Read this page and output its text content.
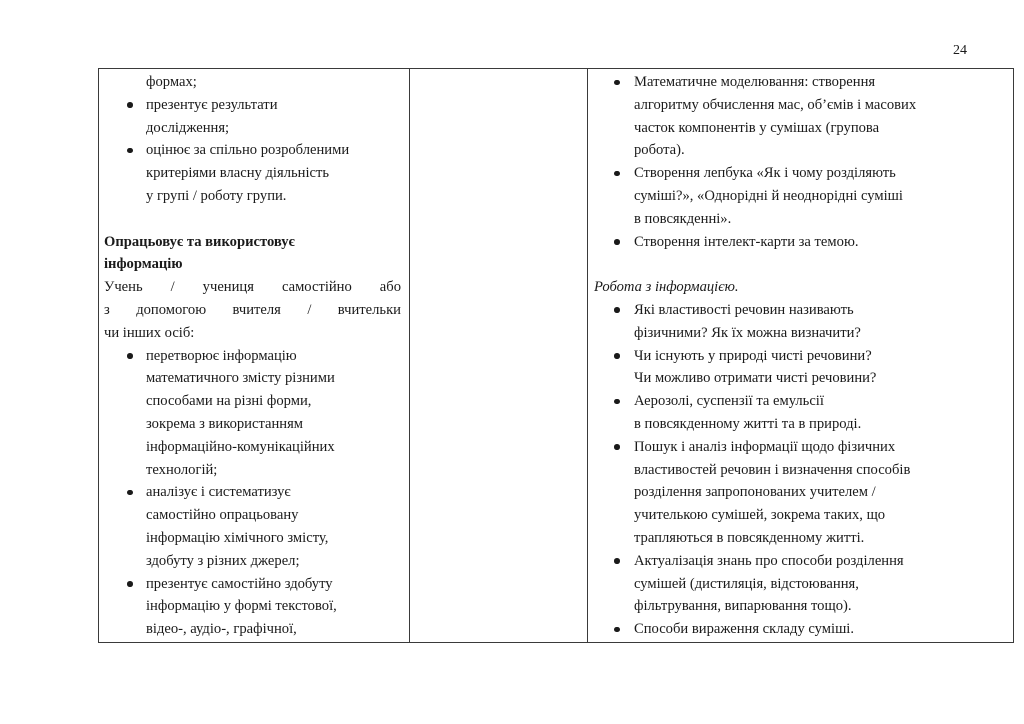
24
формах;
презентує результати
дослідження;
оцінює за спільно розробленими
критеріями власну діяльність
у групі / роботу групи.
Опрацьовує та використовує
інформацію
Учень / учениця самостійно або
з допомогою вчителя / вчительки
чи інших осіб:
перетворює інформацію
математичного змісту різними
способами на різні форми,
зокрема з використанням
інформаційно-комунікаційних
технологій;
аналізує і систематизує
самостійно опрацьовану
інформацію хімічного змісту,
здобуту з різних джерел;
презентує самостійно здобуту
інформацію у формі текстової,
відео-, аудіо-, графічної,

Математичне моделювання: створення
алгоритму обчислення мас, об’ємів і масових
часток компонентів у сумішах (групова
робота).
Створення лепбука «Як і чому розділяють
суміші?», «Однорідні й неоднорідні суміші
в повсякденні».
Створення інтелект-карти за темою.
Робота з інформацією.
Які властивості речовин називають
фізичними? Як їх можна визначити?
Чи існують у природі чисті речовини?
Чи можливо отримати чисті речовини?
Аерозолі, суспензії та емульсії
в повсякденному житті та в природі.
Пошук і аналіз інформації щодо фізичних
властивостей речовин і визначення способів
розділення запропонованих учителем /
учителькою сумішей, зокрема таких, що
трапляються в повсякденному житті.
Актуалізація знань про способи розділення
сумішей (дистиляція, відстоювання,
фільтрування, випарювання тощо).
Способи вираження складу суміші.
